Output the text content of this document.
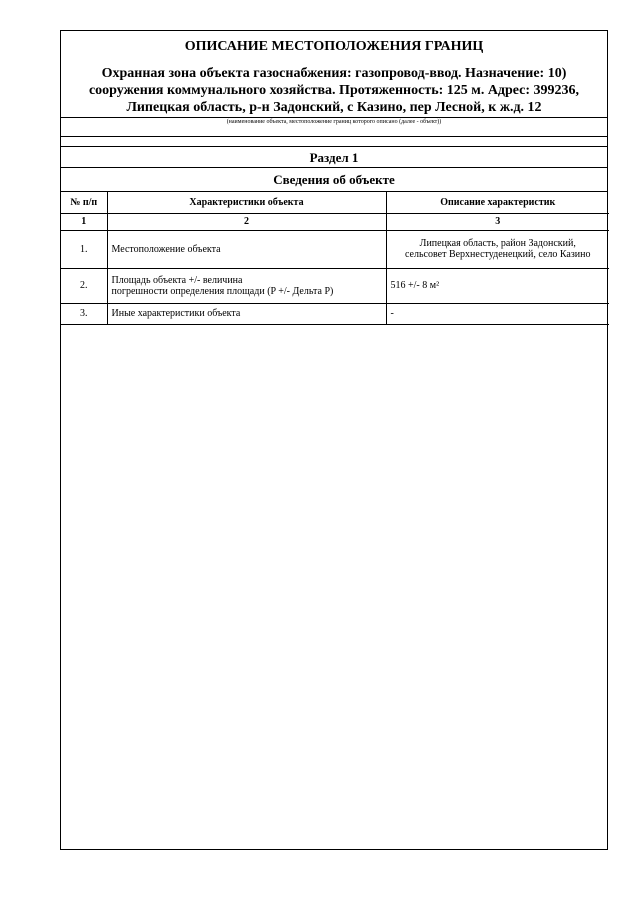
ОПИСАНИЕ МЕСТОПОЛОЖЕНИЯ ГРАНИЦ
Охранная зона объекта газоснабжения: газопровод-ввод. Назначение: 10) сооружения коммунального хозяйства. Протяженность: 125 м. Адрес: 399236, Липецкая область, р-н Задонский, с Казино, пер Лесной, к ж.д. 12
(наименование объекта, местоположение границ которого описано (далее - объект))
Раздел 1
Сведения об объекте
№ п/п	Характеристики объекта	Описание характеристик
1	2	3
1.	Местоположение объекта	Липецкая область, район Задонский,
сельсовет Верхнестуденецкий, село Казино
2.	Площадь объекта +/- величина
погрешности определения площади (P +/- Дельта P)	516 +/- 8 м²
3.	Иные характеристики объекта	-
